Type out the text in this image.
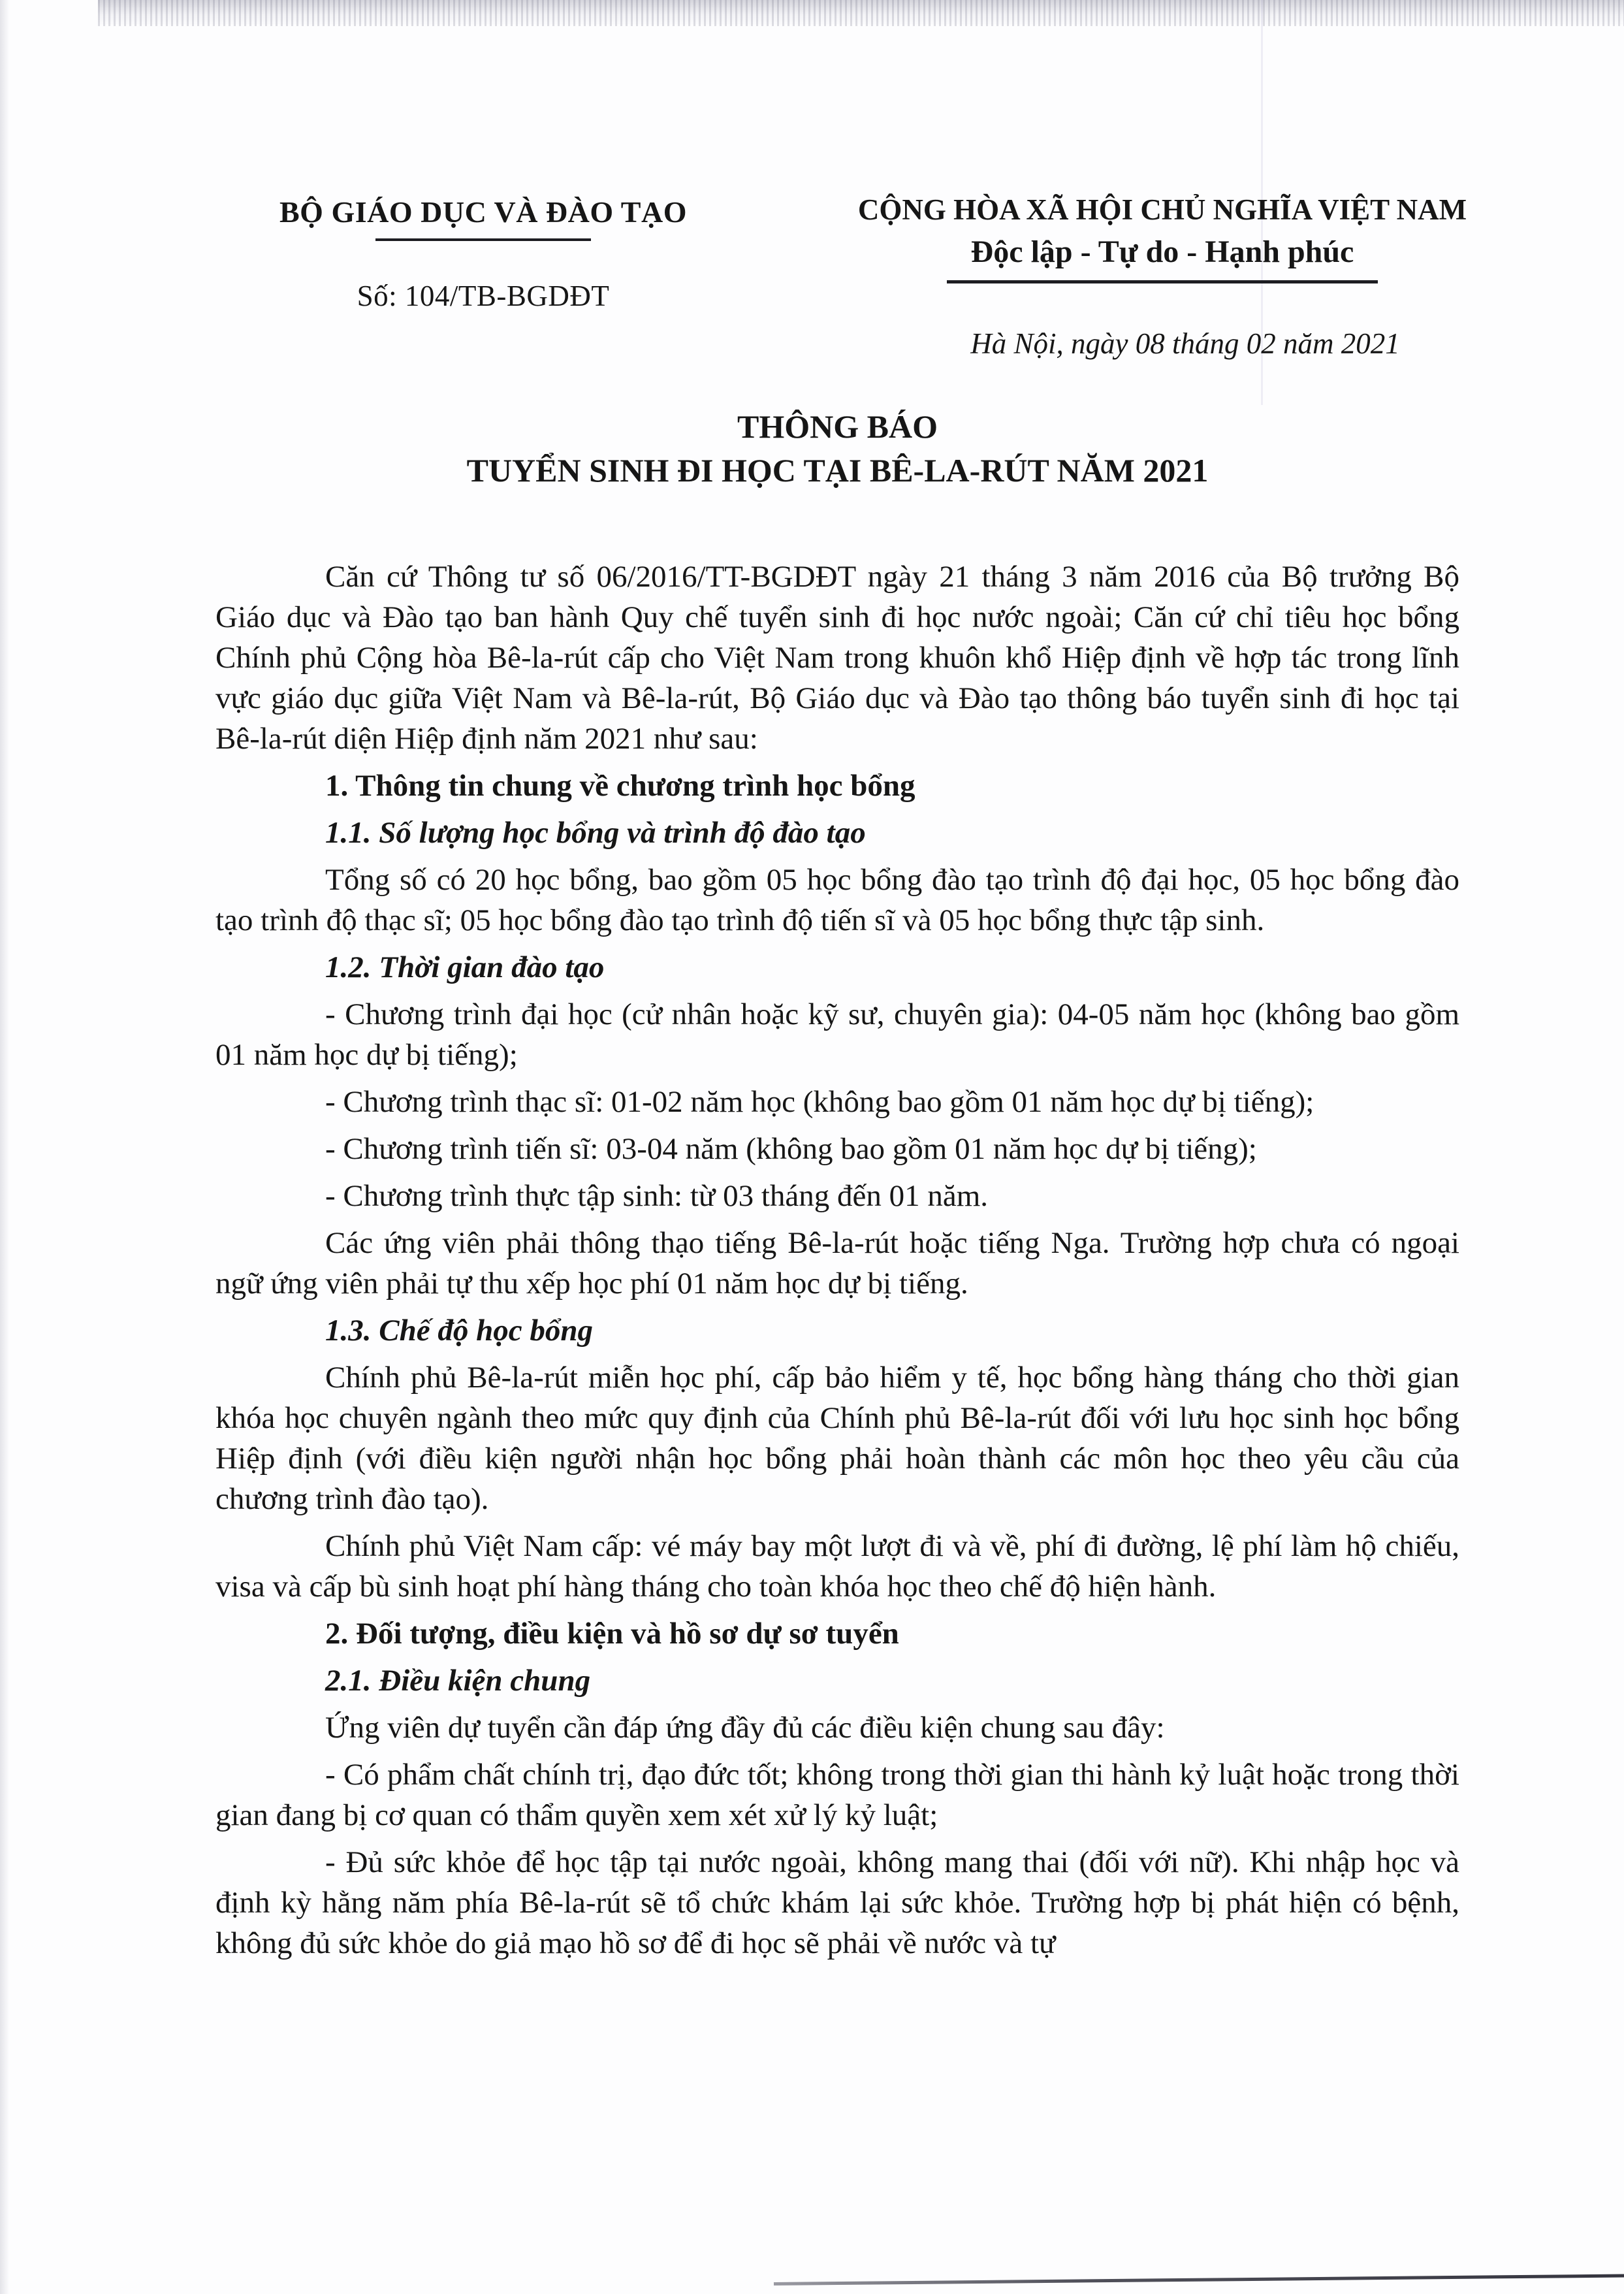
BỘ GIÁO DỤC VÀ ĐÀO TẠO
Số: 104/TB-BGDĐT
CỘNG HÒA XÃ HỘI CHỦ NGHĨA VIỆT NAM
Độc lập - Tự do - Hạnh phúc
Hà Nội, ngày 08 tháng 02 năm 2021
THÔNG BÁO
TUYỂN SINH ĐI HỌC TẠI BÊ-LA-RÚT NĂM 2021

Căn cứ Thông tư số 06/2016/TT-BGDĐT ngày 21 tháng 3 năm 2016 của Bộ trưởng Bộ Giáo dục và Đào tạo ban hành Quy chế tuyển sinh đi học nước ngoài; Căn cứ chỉ tiêu học bổng Chính phủ Cộng hòa Bê-la-rút cấp cho Việt Nam trong khuôn khổ Hiệp định về hợp tác trong lĩnh vực giáo dục giữa Việt Nam và Bê-la-rút, Bộ Giáo dục và Đào tạo thông báo tuyển sinh đi học tại Bê-la-rút diện Hiệp định năm 2021 như sau:

1. Thông tin chung về chương trình học bổng

1.1. Số lượng học bổng và trình độ đào tạo

Tổng số có 20 học bổng, bao gồm 05 học bổng đào tạo trình độ đại học, 05 học bổng đào tạo trình độ thạc sĩ; 05 học bổng đào tạo trình độ tiến sĩ và 05 học bổng thực tập sinh.

1.2. Thời gian đào tạo

- Chương trình đại học (cử nhân hoặc kỹ sư, chuyên gia): 04-05 năm học (không bao gồm 01 năm học dự bị tiếng);

- Chương trình thạc sĩ: 01-02 năm học (không bao gồm 01 năm học dự bị tiếng);

- Chương trình tiến sĩ: 03-04 năm (không bao gồm 01 năm học dự bị tiếng);

- Chương trình thực tập sinh: từ 03 tháng đến 01 năm.

Các ứng viên phải thông thạo tiếng Bê-la-rút hoặc tiếng Nga. Trường hợp chưa có ngoại ngữ ứng viên phải tự thu xếp học phí 01 năm học dự bị tiếng.

1.3. Chế độ học bổng

Chính phủ Bê-la-rút miễn học phí, cấp bảo hiểm y tế, học bổng hàng tháng cho thời gian khóa học chuyên ngành theo mức quy định của Chính phủ Bê-la-rút đối với lưu học sinh học bổng Hiệp định (với điều kiện người nhận học bổng phải hoàn thành các môn học theo yêu cầu của chương trình đào tạo).

Chính phủ Việt Nam cấp: vé máy bay một lượt đi và về, phí đi đường, lệ phí làm hộ chiếu, visa và cấp bù sinh hoạt phí hàng tháng cho toàn khóa học theo chế độ hiện hành.

2. Đối tượng, điều kiện và hồ sơ dự sơ tuyển

2.1. Điều kiện chung

Ứng viên dự tuyển cần đáp ứng đầy đủ các điều kiện chung sau đây:

- Có phẩm chất chính trị, đạo đức tốt; không trong thời gian thi hành kỷ luật hoặc trong thời gian đang bị cơ quan có thẩm quyền xem xét xử lý kỷ luật;

- Đủ sức khỏe để học tập tại nước ngoài, không mang thai (đối với nữ). Khi nhập học và định kỳ hằng năm phía Bê-la-rút sẽ tổ chức khám lại sức khỏe. Trường hợp bị phát hiện có bệnh, không đủ sức khỏe do giả mạo hồ sơ để đi học sẽ phải về nước và tự
